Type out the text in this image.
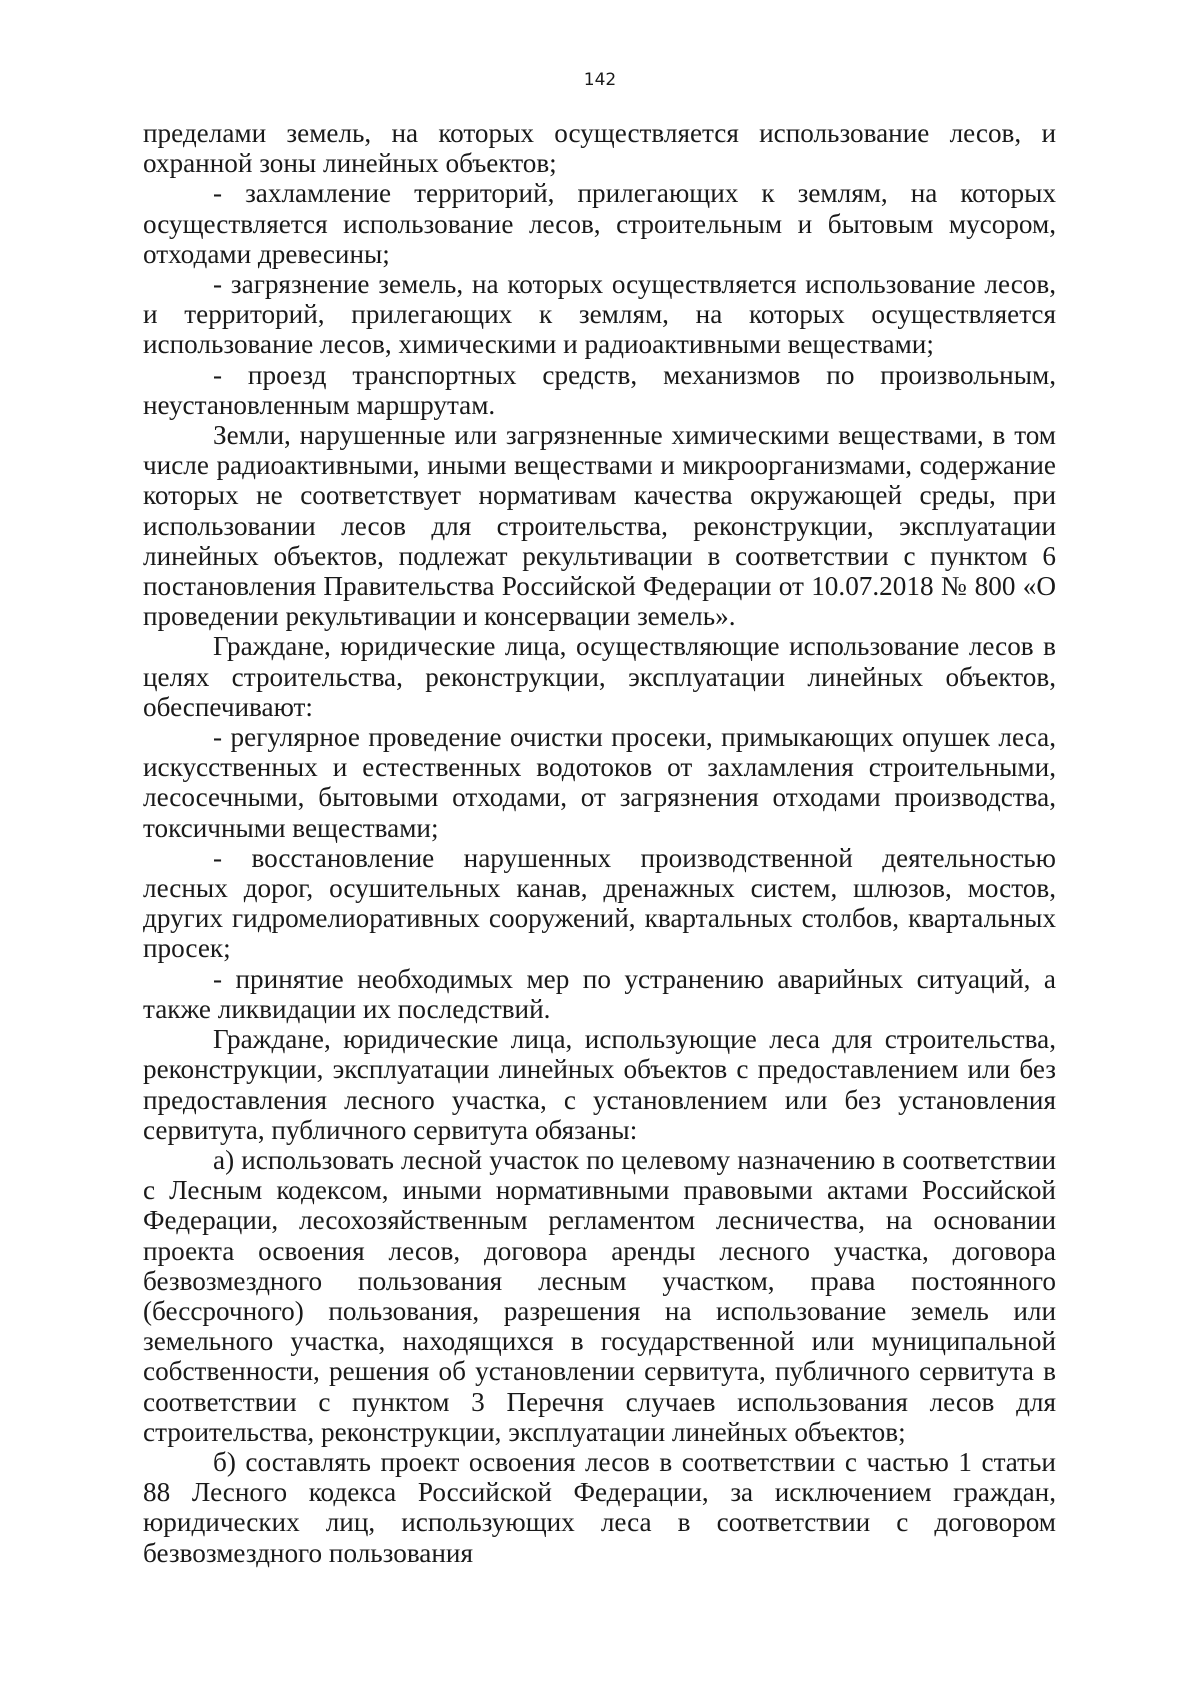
142

пределами земель, на которых осуществляется использование лесов, и охранной зоны линейных объектов;

- захламление территорий, прилегающих к землям, на которых осуществляется использование лесов, строительным и бытовым мусором, отходами древесины;

- загрязнение земель, на которых осуществляется использование лесов, и территорий, прилегающих к землям, на которых осуществляется использование лесов, химическими и радиоактивными веществами;

- проезд транспортных средств, механизмов по произвольным, неустановленным маршрутам.

Земли, нарушенные или загрязненные химическими веществами, в том числе радиоактивными, иными веществами и микроорганизмами, содержание которых не соответствует нормативам качества окружающей среды, при использовании лесов для строительства, реконструкции, эксплуатации линейных объектов, подлежат рекультивации в соответствии с пунктом 6 постановления Правительства Российской Федерации от 10.07.2018 № 800 «О проведении рекультивации и консервации земель».

Граждане, юридические лица, осуществляющие использование лесов в целях строительства, реконструкции, эксплуатации линейных объектов, обеспечивают:

- регулярное проведение очистки просеки, примыкающих опушек леса, искусственных и естественных водотоков от захламления строительными, лесосечными, бытовыми отходами, от загрязнения отходами производства, токсичными веществами;

- восстановление нарушенных производственной деятельностью лесных дорог, осушительных канав, дренажных систем, шлюзов, мостов, других гидромелиоративных сооружений, квартальных столбов, квартальных просек;

- принятие необходимых мер по устранению аварийных ситуаций, а также ликвидации их последствий.

Граждане, юридические лица, использующие леса для строительства, реконструкции, эксплуатации линейных объектов с предоставлением или без предоставления лесного участка, с установлением или без установления сервитута, публичного сервитута обязаны:

а) использовать лесной участок по целевому назначению в соответствии с Лесным кодексом, иными нормативными правовыми актами Российской Федерации, лесохозяйственным регламентом лесничества, на основании проекта освоения лесов, договора аренды лесного участка, договора безвозмездного пользования лесным участком, права постоянного (бессрочного) пользования, разрешения на использование земель или земельного участка, находящихся в государственной или муниципальной собственности, решения об установлении сервитута, публичного сервитута в соответствии с пунктом 3 Перечня случаев использования лесов для строительства, реконструкции, эксплуатации линейных объектов;

б) составлять проект освоения лесов в соответствии с частью 1 статьи 88 Лесного кодекса Российской Федерации, за исключением граждан, юридических лиц, использующих леса в соответствии с договором безвозмездного пользования
